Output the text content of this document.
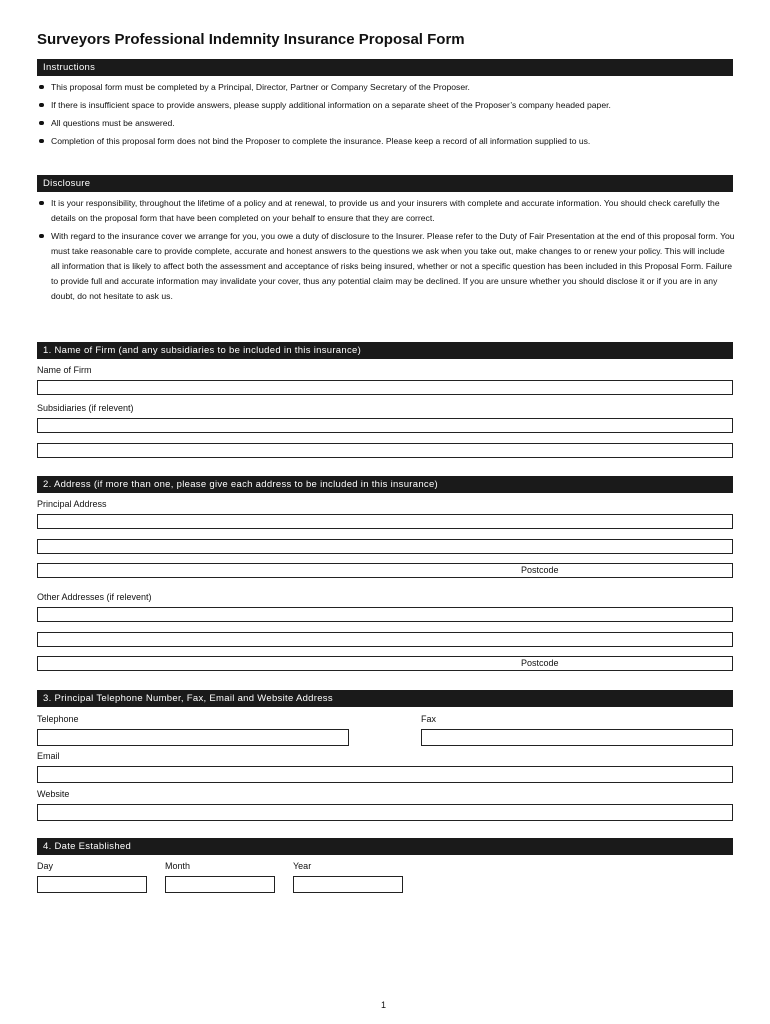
Surveyors Professional Indemnity Insurance Proposal Form
Instructions
This proposal form must be completed by a Principal, Director, Partner or Company Secretary of the Proposer.
If there is insufficient space to provide answers, please supply additional information on a separate sheet of the Proposer’s company headed paper.
All questions must be answered.
Completion of this proposal form does not bind the Proposer to complete the insurance. Please keep a record of all information supplied to us.
Disclosure
It is your responsibility, throughout the lifetime of a policy and at renewal, to provide us and your insurers with complete and accurate information. You should check carefully the details on the proposal form that have been completed on your behalf to ensure that they are correct.
With regard to the insurance cover we arrange for you, you owe a duty of disclosure to the Insurer. Please refer to the Duty of Fair Presentation at the end of this proposal form. You must take reasonable care to provide complete, accurate and honest answers to the questions we ask when you take out, make changes to or renew your policy. This will include all information that is likely to affect both the assessment and acceptance of risks being insured, whether or not a specific question has been included in this Proposal Form. Failure to provide full and accurate information may invalidate your cover, thus any potential claim may be declined. If you are unsure whether you should disclose it or if you are in any doubt, do not hesitate to ask us.
1. Name of Firm (and any subsidiaries to be included in this insurance)
Name of Firm
Subsidiaries (if relevent)
2. Address (if more than one, please give each address to be included in this insurance)
Principal Address
Postcode
Other Addresses (if relevent)
Postcode
3. Principal Telephone Number, Fax, Email and Website Address
Telephone	Fax
Email
Website
4. Date Established
Day	Month	Year
1
